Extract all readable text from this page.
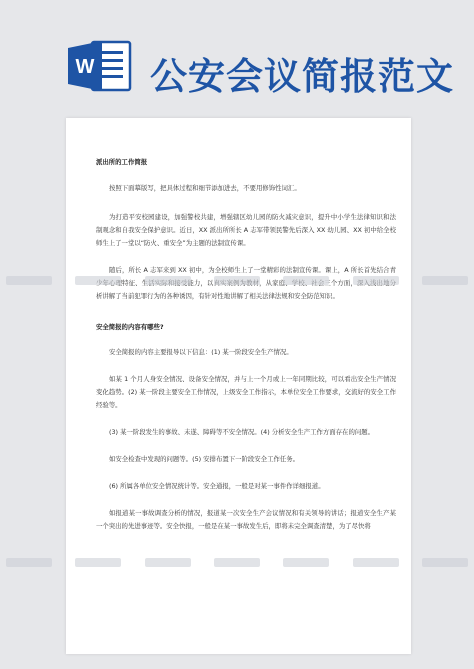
W 公安会议简报范文

派出所的工作简报

按照下面摹版写，把具体过程和细节添加进去，不要用修饰性词汇。

为打造平安校园建设，加强警校共建，增强辖区幼儿园的防火减灾意识，提升中小学生法律知识和法制观念和自我安全保护意识。近日，XX 派出所所长 A 志军带领民警先后深入 XX 幼儿园、XX 初中给全校师生上了一堂以“防火、重安全”为主题的法制宣传课。

随后，所长 A 志军来到 XX 初中，为全校师生上了一堂精彩的法制宣传课。课上，A 所长首先结合青 特征、生活 力，以真实案例为教材，从家庭、学校、社会三个方面， 析讲解了当前犯罪行为的各种诱因，有针对性地讲解了相关法律法规和安全防范知识。

安全简报的内容有哪些?

安全简报的内容主要报导以下信息：(1) 某一阶段安全生产情况。

如某 1 个月人身安全情况、设备安全情况，并与上一个月或上一年同期比较，可以看出安全生产情况变化趋势。(2) 某一阶段主要安全工作情况，上级安全工作指示，本单位安全工作要求，交流好的安全工作经验等。

(3) 某一阶段发生的事故、未遂、障碍等不安全情况。(4) 分析安全生产工作方面存在的问题。

如安全检查中发现的问题等。(5) 安排布置下一阶段安全工作任务。

(6) 所属各单位安全情况统计等。安全通报，一般是对某一事件作详细报道。

如报道某一事故调查分析的情况，报道某一次安全生产会议情况和有关领导的讲话；报道安全生产某一个突出的先进事迹等。安全快报，一般是在某一事故发生后，即将未完全调查清楚，为了尽快将
